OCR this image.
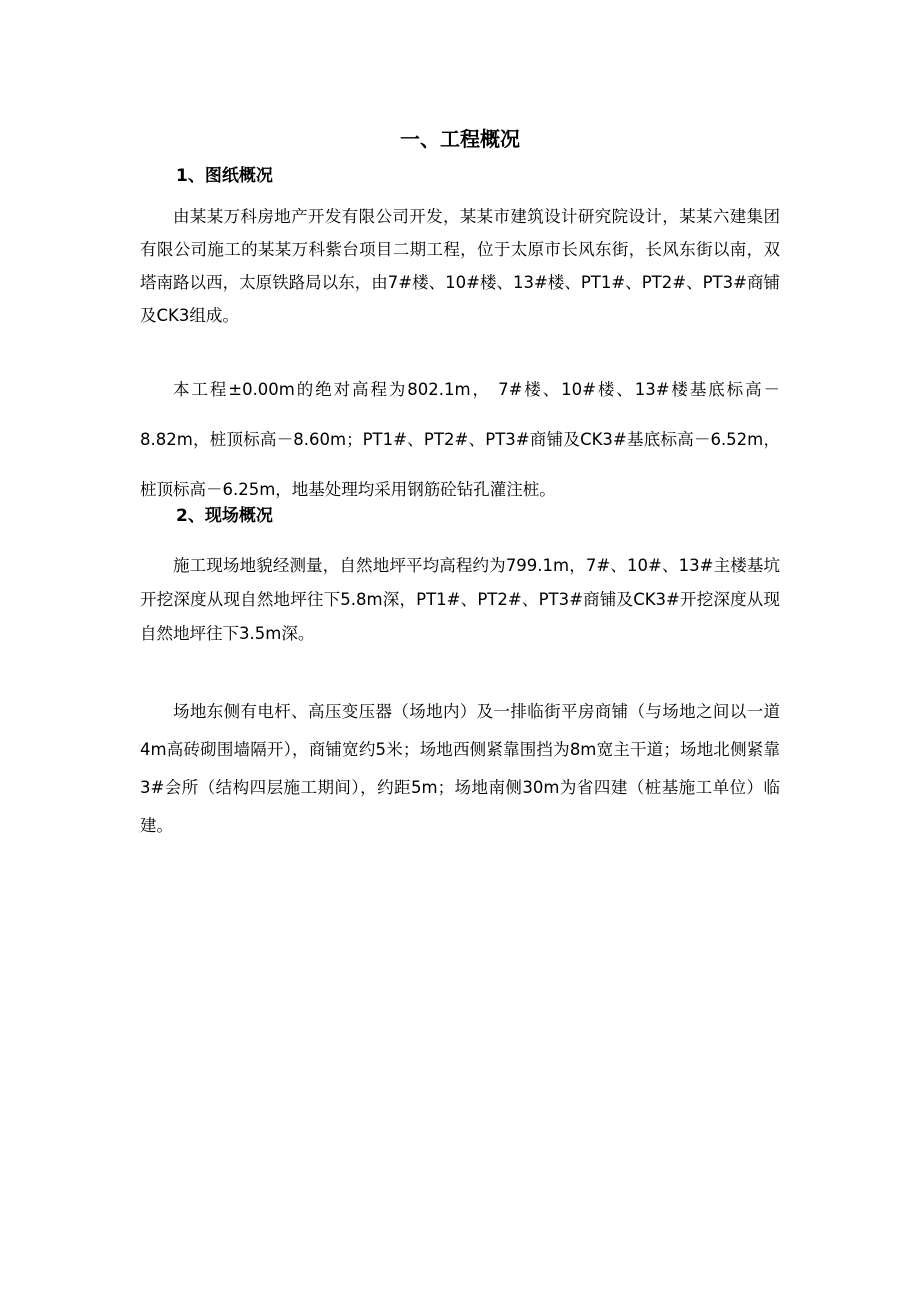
一、工程概况
1、图纸概况

由某某万科房地产开发有限公司开发，某某市建筑设计研究院设计，某某六建集团有限公司施工的某某万科紫台项目二期工程，位于太原市长风东街，长风东街以南，双塔南路以西，太原铁路局以东，由7#楼、10#楼、13#楼、PT1#、PT2#、PT3#商铺及CK3组成。

本工程±0.00m的绝对高程为802.1m， 7#楼、10#楼、13#楼基底标高－8.82m，桩顶标高－8.60m；PT1#、PT2#、PT3#商铺及CK3#基底标高－6.52m，桩顶标高－6.25m，地基处理均采用钢筋砼钻孔灌注桩。

2、现场概况

施工现场地貌经测量，自然地坪平均高程约为799.1m，7#、10#、13#主楼基坑开挖深度从现自然地坪往下5.8m深，PT1#、PT2#、PT3#商铺及CK3#开挖深度从现自然地坪往下3.5m深。

场地东侧有电杆、高压变压器（场地内）及一排临街平房商铺（与场地之间以一道4m高砖砌围墙隔开），商铺宽约5米；场地西侧紧靠围挡为8m宽主干道；场地北侧紧靠3#会所（结构四层施工期间），约距5m；场地南侧30m为省四建（桩基施工单位）临建。
